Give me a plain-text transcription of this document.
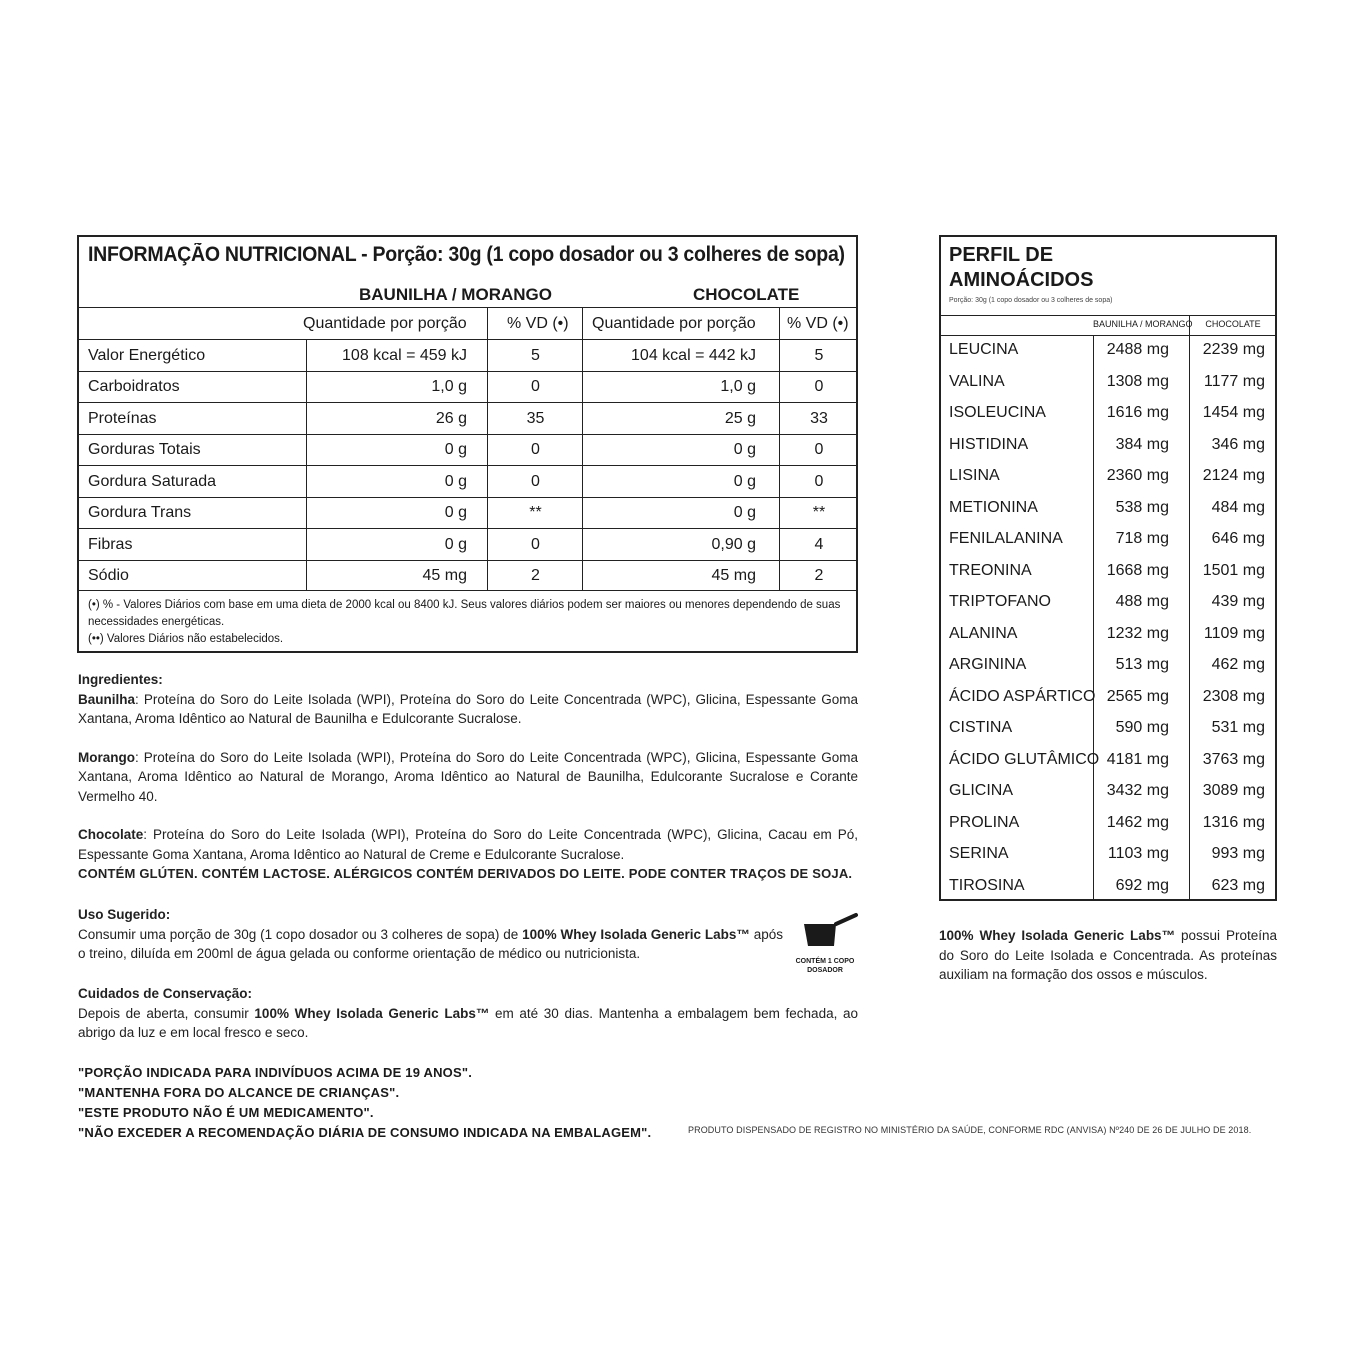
INFORMAÇÃO NUTRICIONAL - Porção: 30g (1 copo dosador ou 3 colheres de sopa)
BAUNILHA / MORANGO	CHOCOLATE
Quantidade por porção	% VD (•) Quantidade por porção % VD (•)
Valor Energético	108 kcal = 459 kJ	5	104 kcal = 442 kJ	5
Carboidratos	1,0 g	0	1,0 g	0
Proteínas	26 g	35	25 g	33
Gorduras Totais	0 g	0	0 g	0
Gordura Saturada	0 g	0	0 g	0
Gordura Trans	0 g	**	0 g	**
Fibras	0 g	0	0,90 g	4
Sódio	45 mg	2	45 mg	2
(•) % - Valores Diários com base em uma dieta de 2000 kcal ou 8400 kJ. Seus valores diários podem ser maiores ou menores dependendo de suas necessidades energéticas.
(••) Valores Diários não estabelecidos.
PERFIL DE
AMINOÁCIDOS
Porção: 30g (1 copo dosador ou 3 colheres de sopa)
BAUNILHA / MORANGO	CHOCOLATE
LEUCINA	2488 mg 2239 mg
VALINA	1308 mg 1177 mg
ISOLEUCINA	1616 mg 1454 mg
HISTIDINA	384 mg	346 mg
LISINA	2360 mg 2124 mg
METIONINA	538 mg	484 mg
FENILALANINA	718 mg	646 mg
TREONINA	1668 mg 1501 mg
TRIPTOFANO	488 mg	439 mg
ALANINA	1232 mg 1109 mg
ARGININA	513 mg	462 mg
ÁCIDO ASPÁRTICO 2565 mg 2308 mg
CISTINA	590 mg	531 mg
ÁCIDO GLUTÂMICO 4181 mg 3763 mg
GLICINA	3432 mg 3089 mg
PROLINA	1462 mg 1316 mg
SERINA	1103 mg	993 mg
TIROSINA	692 mg	623 mg
100% Whey Isolada Generic Labs™ possui Proteína do Soro do Leite Isolada e Concentrada. As proteínas auxiliam na formação dos ossos e músculos.
Ingredientes:
Baunilha: Proteína do Soro do Leite Isolada (WPI), Proteína do Soro do Leite Concentrada (WPC), Glicina, Espessante Goma Xantana, Aroma Idêntico ao Natural de Baunilha e Edulcorante Sucralose.
Morango: Proteína do Soro do Leite Isolada (WPI), Proteína do Soro do Leite Concentrada (WPC), Glicina, Espessante Goma Xantana, Aroma Idêntico ao Natural de Morango, Aroma Idêntico ao Natural de Baunilha, Edulcorante Sucralose e Corante Vermelho 40.
Chocolate: Proteína do Soro do Leite Isolada (WPI), Proteína do Soro do Leite Concentrada (WPC), Glicina, Cacau em Pó, Espessante Goma Xantana, Aroma Idêntico ao Natural de Creme e Edulcorante Sucralose.
CONTÉM GLÚTEN. CONTÉM LACTOSE. ALÉRGICOS CONTÉM DERIVADOS DO LEITE. PODE CONTER TRAÇOS DE SOJA.
Uso Sugerido:
Consumir uma porção de 30g (1 copo dosador ou 3 colheres de sopa) de 100% Whey Isolada Generic Labs™ após o treino, diluída em 200ml de água gelada ou conforme orientação de médico ou nutricionista.
CONTÉM 1 COPO
DOSADOR
Cuidados de Conservação:
Depois de aberta, consumir 100% Whey Isolada Generic Labs™ em até 30 dias. Mantenha a embalagem bem fechada, ao abrigo da luz e em local fresco e seco.
"PORÇÃO INDICADA PARA INDIVÍDUOS ACIMA DE 19 ANOS".
"MANTENHA FORA DO ALCANCE DE CRIANÇAS".
"ESTE PRODUTO NÃO É UM MEDICAMENTO".
"NÃO EXCEDER A RECOMENDAÇÃO DIÁRIA DE CONSUMO INDICADA NA EMBALAGEM".	PRODUTO DISPENSADO DE REGISTRO NO MINISTÉRIO DA SAÚDE, CONFORME RDC (ANVISA) Nº240 DE 26 DE JULHO DE 2018.
